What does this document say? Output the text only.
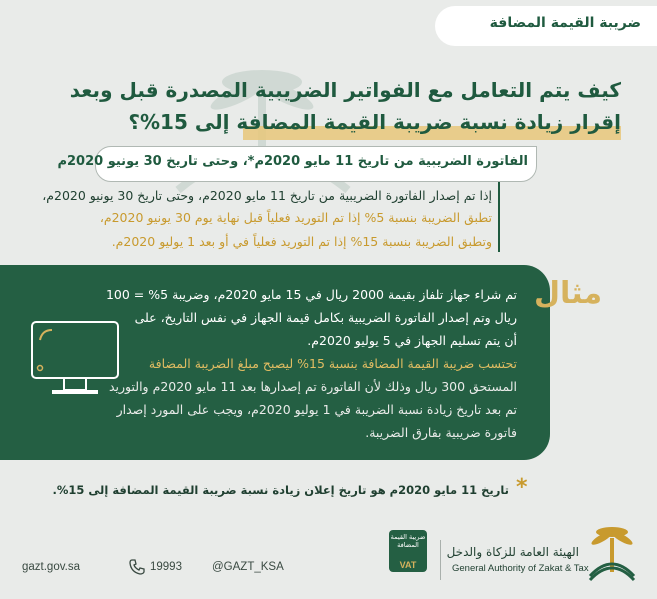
ضريبة القيمة المضافة
كيف يتم التعامل مع الفواتير الضريبية المصدرة قبل وبعد
إقرار زيادة نسبة ضريبة القيمة المضافة إلى 15%؟
الفاتورة الضريبية من تاريخ 11 مايو 2020م*، وحتى تاريخ 30 يونيو 2020م
إذا تم إصدار الفاتورة الضريبية من تاريخ 11 مايو 2020م، وحتى تاريخ 30 يونيو 2020م،
تطبق الضريبة بنسبة 5% إذا تم التوريد فعلياً قبل نهاية يوم 30 يونيو 2020م،
وتطبق الضريبة بنسبة 15% إذا تم التوريد فعلياً في أو بعد 1 يوليو 2020م.
مثال
تم شراء جهاز تلفاز بقيمة 2000 ريال في 15 مايو 2020م، وضريبة 5% = 100
ريال وتم إصدار الفاتورة الضريبية بكامل قيمة الجهاز في نفس التاريخ، على
أن يتم تسليم الجهاز في 5 يوليو 2020م.
تحتسب ضريبة القيمة المضافة بنسبة 15% ليصبح مبلغ الضريبة المضافة
المستحق 300 ريال وذلك لأن الفاتورة تم إصدارها بعد 11 مايو 2020م والتوريد
تم بعد تاريخ زيادة نسبة الضريبة في 1 يوليو 2020م، ويجب على المورد إصدار
فاتورة ضريبية بفارق الضريبة.
*
تاريخ 11 مايو 2020م هو تاريخ إعلان زيادة نسبة ضريبة القيمة المضافة إلى 15%.
الهيئة العامة للزكاة والدخل
General Authority of Zakat & Tax
ضريبة القيمة المضافة
VAT
@GAZT_KSA
19993
gazt.gov.sa
